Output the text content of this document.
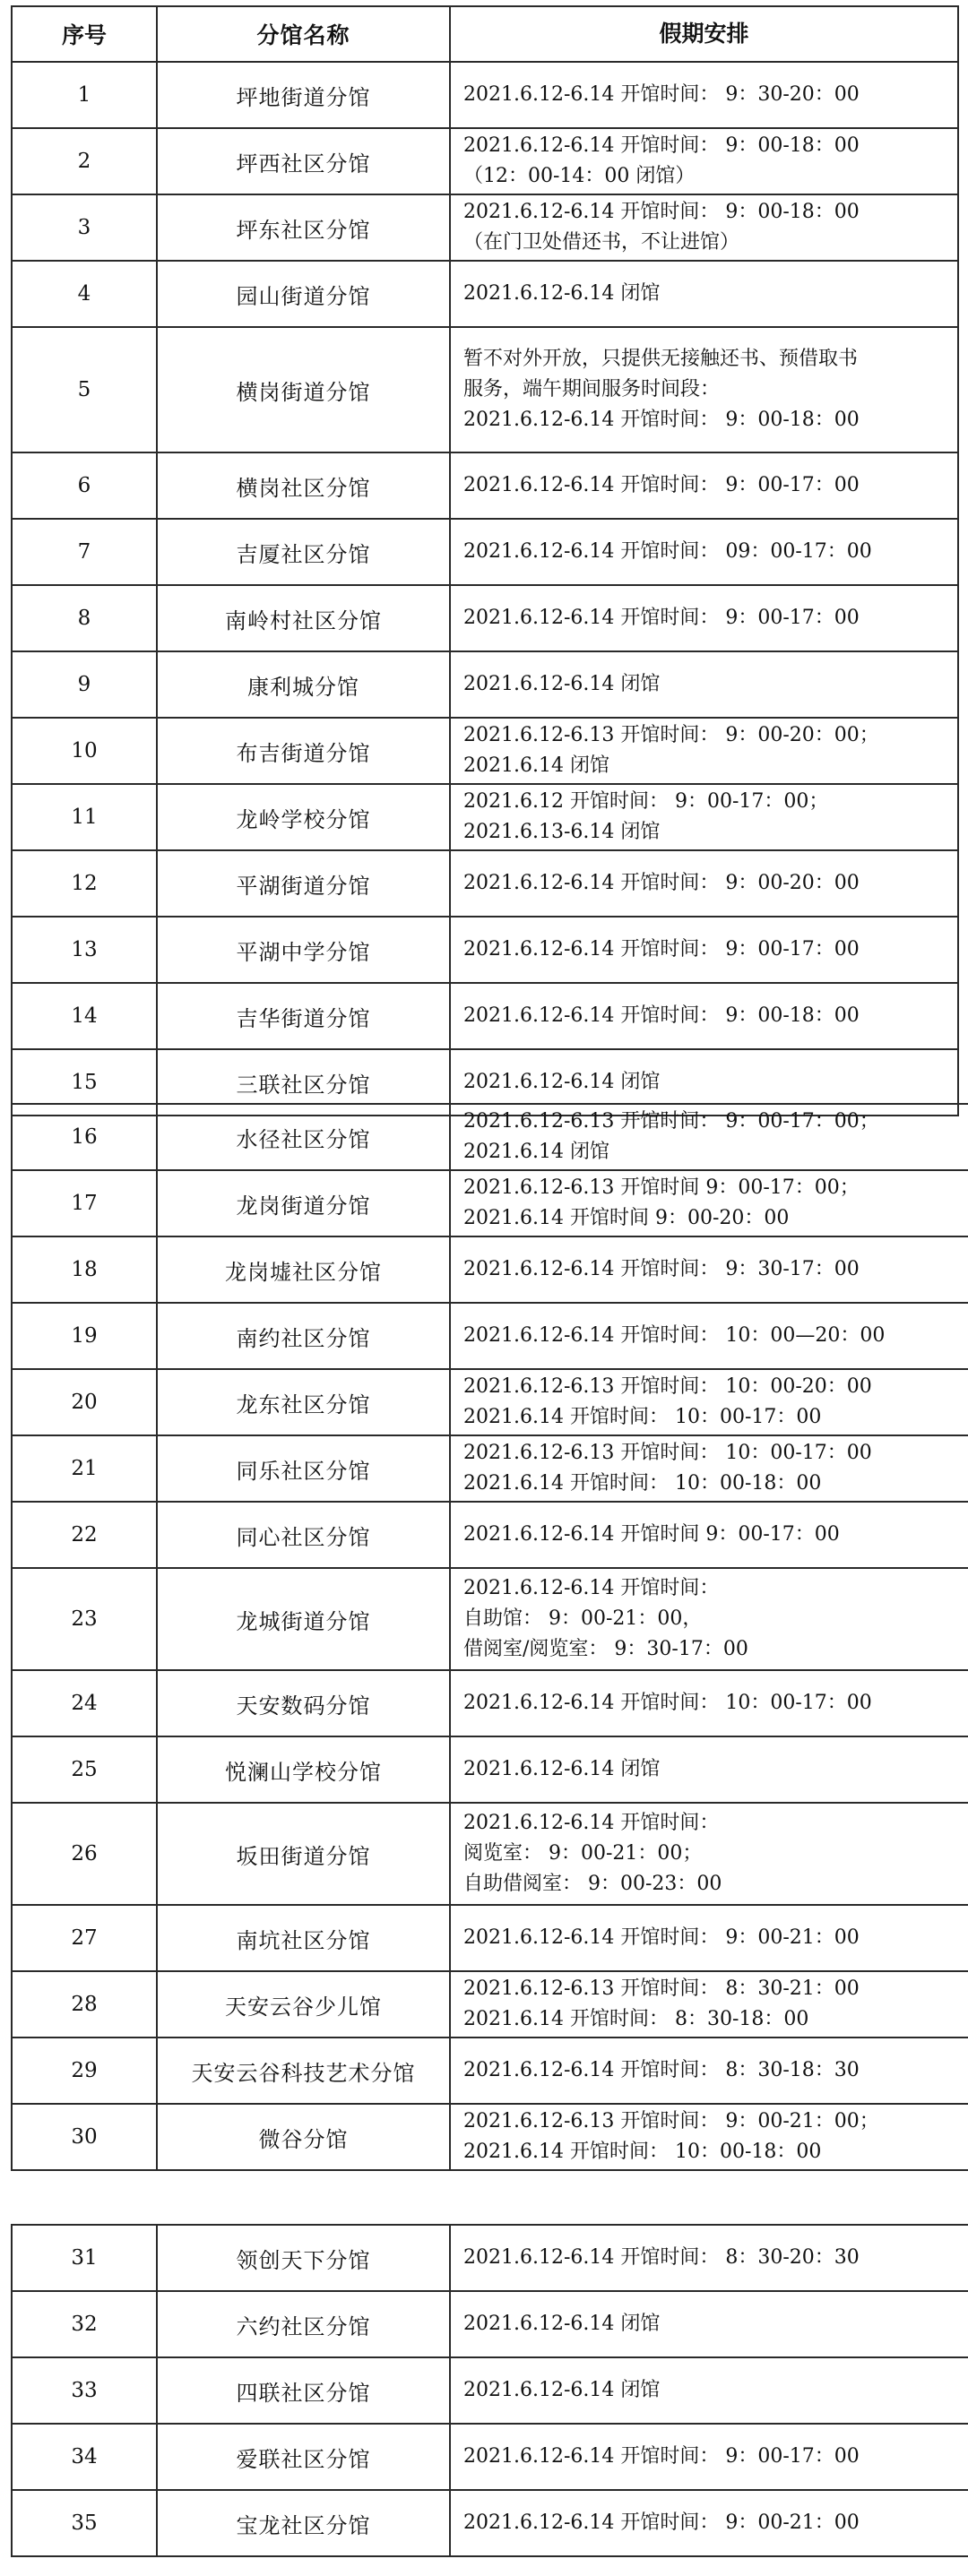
序号	分馆名称	假期安排
1	坪地街道分馆	2021.6.12-6.14 开馆时间： 9：30-20：00

2	坪西社区分馆	2021.6.12-6.14 开馆时间： 9：00-18：00
（12：00-14：00 闭馆）

3	坪东社区分馆	2021.6.12-6.14 开馆时间： 9：00-18：00
（在门卫处借还书，不让进馆）

4	园山街道分馆	2021.6.12-6.14 闭馆

5	横岗街道分馆	暂不对外开放，只提供无接触还书、预借取书
服务，端午期间服务时间段：
2021.6.12-6.14 开馆时间： 9：00-18：00

6	横岗社区分馆	2021.6.12-6.14 开馆时间： 9：00-17：00

7	吉厦社区分馆	2021.6.12-6.14 开馆时间： 09：00-17：00

8	南岭村社区分馆	2021.6.12-6.14 开馆时间： 9：00-17：00

9	康利城分馆	2021.6.12-6.14 闭馆

10	布吉街道分馆	2021.6.12-6.13 开馆时间： 9：00-20：00；
2021.6.14 闭馆

11	龙岭学校分馆	2021.6.12 开馆时间： 9：00-17：00；
2021.6.13-6.14 闭馆

12	平湖街道分馆	2021.6.12-6.14 开馆时间： 9：00-20：00

13	平湖中学分馆	2021.6.12-6.14 开馆时间： 9：00-17：00

14	吉华街道分馆	2021.6.12-6.14 开馆时间： 9：00-18：00

15	三联社区分馆	2021.6.12-6.14 闭馆
16	水径社区分馆	2021.6.12-6.13 开馆时间： 9：00-17：00；
2021.6.14 闭馆

17	龙岗街道分馆	2021.6.12-6.13 开馆时间 9：00-17：00；
2021.6.14 开馆时间 9：00-20：00

18	龙岗墟社区分馆	2021.6.12-6.14 开馆时间： 9：30-17：00

19	南约社区分馆	2021.6.12-6.14 开馆时间： 10：00—20：00

20	龙东社区分馆	2021.6.12-6.13 开馆时间： 10：00-20：00
2021.6.14 开馆时间： 10：00-17：00

21	同乐社区分馆	2021.6.12-6.13 开馆时间： 10：00-17：00
2021.6.14 开馆时间： 10：00-18：00

22	同心社区分馆	2021.6.12-6.14 开馆时间 9：00-17：00

23	龙城街道分馆	2021.6.12-6.14 开馆时间：
自助馆： 9：00-21：00，
借阅室/阅览室： 9：30-17：00

24	天安数码分馆	2021.6.12-6.14 开馆时间： 10：00-17：00

25	悦澜山学校分馆	2021.6.12-6.14 闭馆

26	坂田街道分馆	2021.6.12-6.14 开馆时间：
阅览室： 9：00-21：00；
自助借阅室： 9：00-23：00

27	南坑社区分馆	2021.6.12-6.14 开馆时间： 9：00-21：00

28	天安云谷少儿馆	2021.6.12-6.13 开馆时间： 8：30-21：00
2021.6.14 开馆时间： 8：30-18：00

29	天安云谷科技艺术分馆	2021.6.12-6.14 开馆时间： 8：30-18：30

30	微谷分馆	2021.6.12-6.13 开馆时间： 9：00-21：00；
2021.6.14 开馆时间： 10：00-18：00
31	领创天下分馆	2021.6.12-6.14 开馆时间： 8：30-20：30

32	六约社区分馆	2021.6.12-6.14 闭馆

33	四联社区分馆	2021.6.12-6.14 闭馆

34	爱联社区分馆	2021.6.12-6.14 开馆时间： 9：00-17：00

35	宝龙社区分馆	2021.6.12-6.14 开馆时间： 9：00-21：00
